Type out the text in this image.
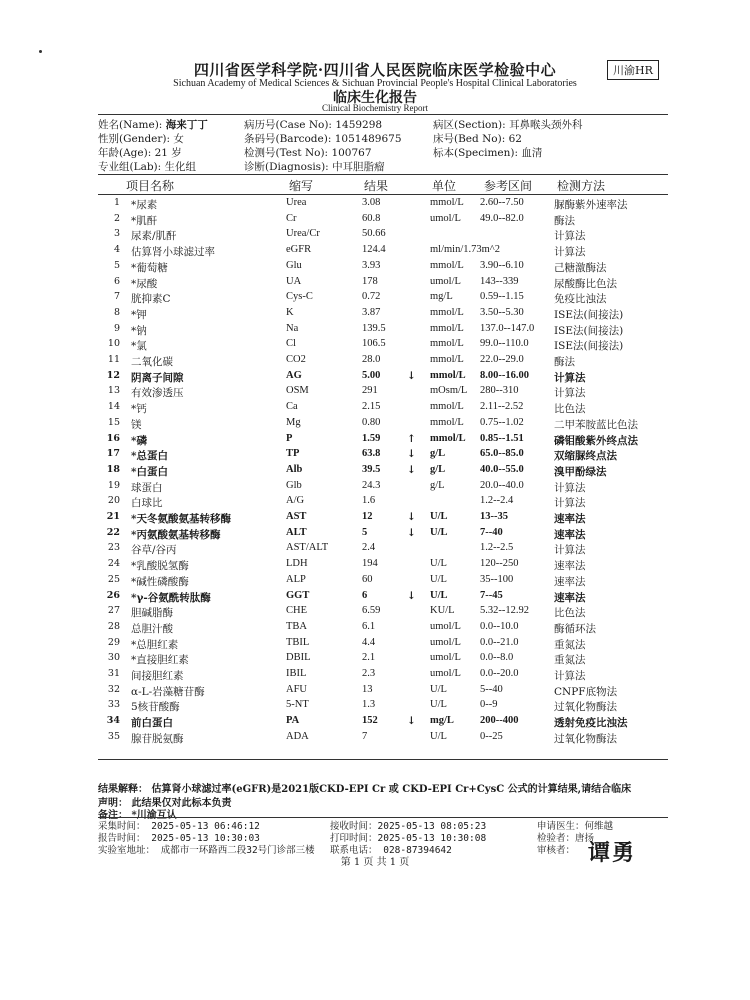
四川省医学科学院·四川省人民医院临床医学检验中心	川渝HR
Sichuan Academy of Medical Sciences & Sichuan Provincial People's Hospital Clinical Laboratories
临床生化报告
Clinical Biochemistry Report
姓名(Name): 海来丁丁	病历号(Case No): 1459298	病区(Section): 耳鼻喉头颈外科
性别(Gender): 女	条码号(Barcode): 1051489675	床号(Bed No): 62
年龄(Age): 21 岁	检测号(Test No): 100767	标本(Specimen): 血清
专业组(Lab): 生化组	诊断(Diagnosis): 中耳胆脂瘤
项目名称	缩写	结果	单位 参考区间 检测方法
1 *尿素	Urea	3.08	mmol/L 2.60--7.50	脲酶紫外速率法
2 *肌酐	Cr	60.8	umol/L 49.0--82.0	酶法
3 尿素/肌酐	Urea/Cr	50.66	计算法
4 估算肾小球滤过率	eGFR	124.4	ml/min/1.73m^2	计算法
5 *葡萄糖	Glu	3.93	mmol/L 3.90--6.10	己糖激酶法
6 *尿酸	UA	178	umol/L 143--339	尿酸酶比色法
7 胱抑素C	Cys-C	0.72	mg/L	0.59--1.15	免疫比浊法
8 *钾	K	3.87	mmol/L 3.50--5.30	ISE法(间接法)
9 *钠	Na	139.5	mmol/L 137.0--147.0 ISE法(间接法)
10 *氯	Cl	106.5	mmol/L 99.0--110.0 ISE法(间接法)
11 二氧化碳	CO2	28.0	mmol/L 22.0--29.0	酶法
12 阴离子间隙	AG	5.00	↓ mmol/L 8.00--16.00 计算法
13 有效渗透压	OSM	291	mOsm/L 280--310	计算法
14 *钙	Ca	2.15	mmol/L 2.11--2.52	比色法
15 镁	Mg	0.80	mmol/L 0.75--1.02	二甲苯胺蓝比色法
16 *磷	P	1.59	↑ mmol/L 0.85--1.51	磷钼酸紫外终点法
17 *总蛋白	TP	63.8	↓ g/L	65.0--85.0	双缩脲终点法
18 *白蛋白	Alb	39.5	↓ g/L	40.0--55.0	溴甲酚绿法
19 球蛋白	Glb	24.3	g/L	20.0--40.0	计算法
20 白球比	A/G	1.6	1.2--2.4	计算法
21 *天冬氨酸氨基转移酶	AST	12	↓ U/L	13--35	速率法
22 *丙氨酸氨基转移酶	ALT	5	↓ U/L	7--40	速率法
23 谷草/谷丙	AST/ALT	2.4	1.2--2.5	计算法
24 *乳酸脱氢酶	LDH	194	U/L	120--250	速率法
25 *碱性磷酸酶	ALP	60	U/L	35--100	速率法
26 *γ-谷氨酰转肽酶	GGT	6	↓ U/L	7--45	速率法
27 胆碱脂酶	CHE	6.59	KU/L 5.32--12.92 比色法
28 总胆汁酸	TBA	6.1	umol/L 0.0--10.0	酶循环法
29 *总胆红素	TBIL	4.4	umol/L 0.0--21.0	重氮法
30 *直接胆红素	DBIL	2.1	umol/L 0.0--8.0	重氮法
31 间接胆红素	IBIL	2.3	umol/L 0.0--20.0	计算法
32 α-L-岩藻糖苷酶	AFU	13	U/L	5--40	CNPF底物法
33 5核苷酸酶	5-NT	1.3	U/L	0--9	过氧化物酶法
34 前白蛋白	PA	152	↓ mg/L 200--400	透射免疫比浊法
35 腺苷脱氨酶	ADA	7	U/L	0--25	过氧化物酶法
结果解释： 估算肾小球滤过率(eGFR)是2021版CKD-EPI Cr 或 CKD-EPI Cr+CysC 公式的计算结果,请结合临床
声明： 此结果仅对此标本负责
备注： *川渝互认
采集时间： 2025-05-13 06:46:12	接收时间：2025-05-13 08:05:23	申请医生：何维越
报告时间： 2025-05-13 10:30:03	打印时间：2025-05-13 10:30:08	检验者：唐扬
实验室地址： 成都市一环路西二段32号门诊部三楼 联系电话： 028-87394642	审核者： 谭勇
第 1 页 共 1 页
